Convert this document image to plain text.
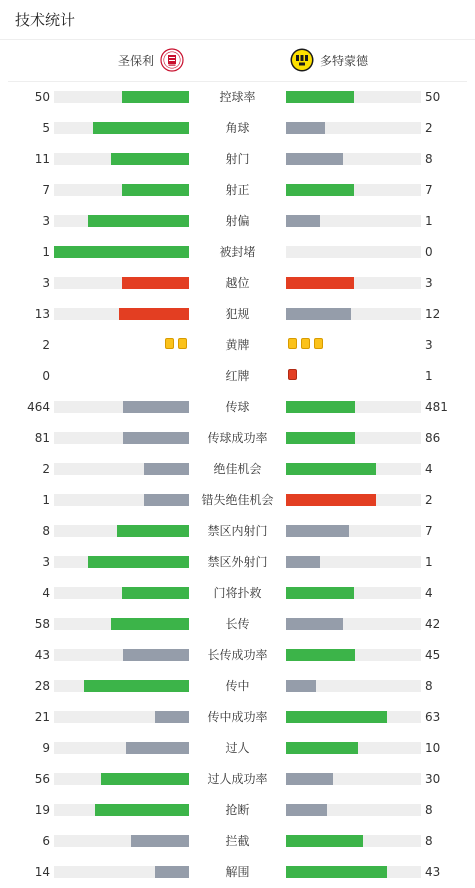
技术统计
圣保利	多特蒙德
50	控球率	50
5	角球	2
11	射门	8
7	射正	7
3	射偏	1
1	被封堵	0
3	越位	3
13	犯规	12
2	黄牌	3
0	红牌	1
464	传球	481
81	传球成功率	86
2	绝佳机会	4
1	错失绝佳机会	2
8	禁区内射门	7
3	禁区外射门	1
4	门将扑救	4
58	长传	42
43	长传成功率	45
28	传中	8
21	传中成功率	63
9	过人	10
56	过人成功率	30
19	抢断	8
6	拦截	8
14	解围	43
